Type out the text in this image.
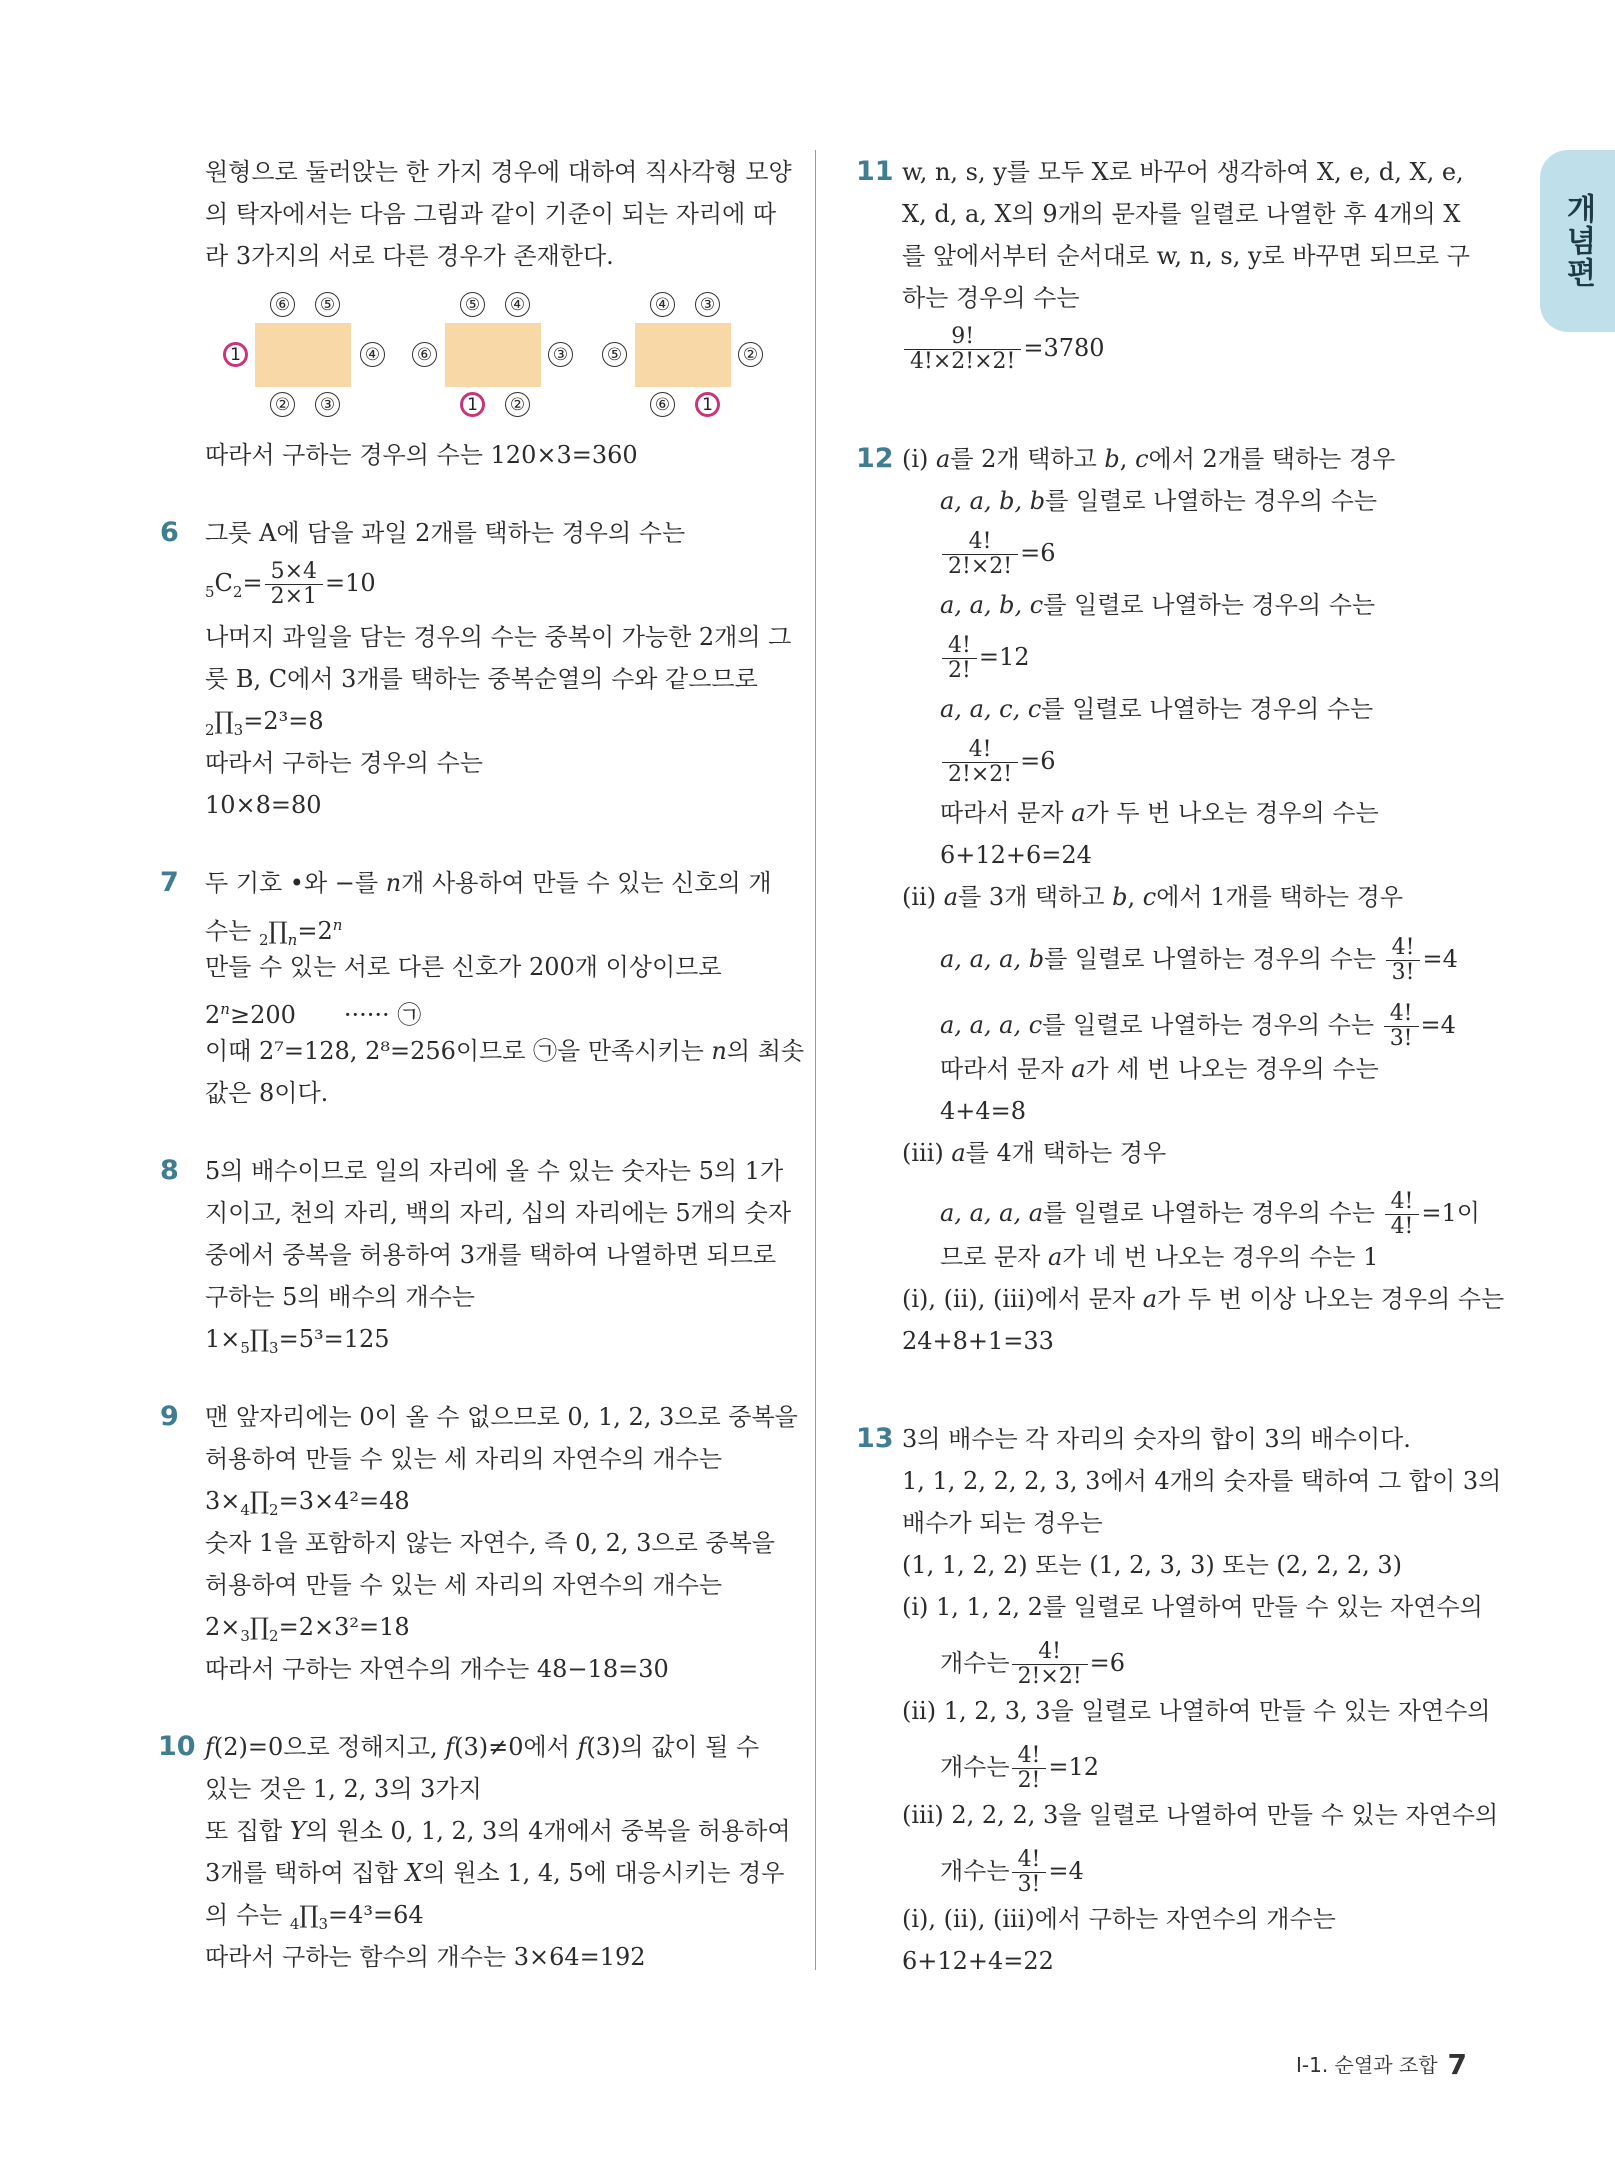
개념편
원형으로 둘러앉는 한 가지 경우에 대하여 직사각형 모양
의 탁자에서는 다음 그림과 같이 기준이 되는 자리에 따
라 3가지의 서로 다른 경우가 존재한다.
⑥ ⑤
1	④
② ③
⑤ ④
⑥	③
1	②
④ ③
⑤	②
⑥	1
따라서 구하는 경우의 수는 120×3=360
6 그릇 A에 담을 과일 2개를 택하는 경우의 수는
$_5C_2= \frac{5\times 4}{2\times 1} =10$
나머지 과일을 담는 경우의 수는 중복이 가능한 2개의 그
릇 B, C에서 3개를 택하는 중복순열의 수와 같으므로
$_2\prod_3=2^3=8$
따라서 구하는 경우의 수는
10×8=80
7 두 기호 •와 −를 n개 사용하여 만들 수 있는 신호의 개
수는 $_2\prod_n=2^n$
만들 수 있는 서로 다른 신호가 200개 이상이므로
$2^n\ge 200$　　······ ㉠
이때 2⁷=128, 2⁸=256이므로 ㉠을 만족시키는 n의 최솟
값은 8이다.
8 5의 배수이므로 일의 자리에 올 수 있는 숫자는 5의 1가
지이고, 천의 자리, 백의 자리, 십의 자리에는 5개의 숫자
중에서 중복을 허용하여 3개를 택하여 나열하면 되므로
구하는 5의 배수의 개수는
$1\times_5\prod_3=5^3=125$
9 맨 앞자리에는 0이 올 수 없으므로 0, 1, 2, 3으로 중복을
허용하여 만들 수 있는 세 자리의 자연수의 개수는
$3\times_4\prod_2=3\times 4^2=48$
숫자 1을 포함하지 않는 자연수, 즉 0, 2, 3으로 중복을
허용하여 만들 수 있는 세 자리의 자연수의 개수는
$2\times_3\prod_2=2\times 3^2=18$
따라서 구하는 자연수의 개수는 48−18=30
10 f(2)=0으로 정해지고, f(3)≠0에서 f(3)의 값이 될 수
있는 것은 1, 2, 3의 3가지
또 집합 Y의 원소 0, 1, 2, 3의 4개에서 중복을 허용하여
3개를 택하여 집합 X의 원소 1, 4, 5에 대응시키는 경우
의 수는 $_4\prod_3=4^3=64$
따라서 구하는 함수의 개수는 3×64=192
11 w, n, s, y를 모두 X로 바꾸어 생각하여 X, e, d, X, e,
X, d, a, X의 9개의 문자를 일렬로 나열한 후 4개의 X
를 앞에서부터 순서대로 w, n, s, y로 바꾸면 되므로 구
하는 경우의 수는
$\frac{9!}{4!\times 2!\times 2!} =3780$
12 (ⅰ) a를 2개 택하고 b, c에서 2개를 택하는 경우
a, a, b, b를 일렬로 나열하는 경우의 수는
$\frac{4!}{2!\times 2!} =6$
a, a, b, c를 일렬로 나열하는 경우의 수는
$\frac{4!}{2!} =12$
a, a, c, c를 일렬로 나열하는 경우의 수는
$\frac{4!}{2!\times 2!} =6$
따라서 문자 a가 두 번 나오는 경우의 수는
6+12+6=24
(ⅱ) a를 3개 택하고 b, c에서 1개를 택하는 경우
a, a, a, b를 일렬로 나열하는 경우의 수는 $\frac{4!}{3!} =4$
a, a, a, c를 일렬로 나열하는 경우의 수는 $\frac{4!}{3!} =4$
따라서 문자 a가 세 번 나오는 경우의 수는
4+4=8
(ⅲ) a를 4개 택하는 경우
a, a, a, a를 일렬로 나열하는 경우의 수는 $\frac{4!}{4!} =1$이
므로 문자 a가 네 번 나오는 경우의 수는 1
(ⅰ), (ⅱ), (ⅲ)에서 문자 a가 두 번 이상 나오는 경우의 수는
24+8+1=33
13 3의 배수는 각 자리의 숫자의 합이 3의 배수이다.
1, 1, 2, 2, 2, 3, 3에서 4개의 숫자를 택하여 그 합이 3의
배수가 되는 경우는
(1, 1, 2, 2) 또는 (1, 2, 3, 3) 또는 (2, 2, 2, 3)
(ⅰ) 1, 1, 2, 2를 일렬로 나열하여 만들 수 있는 자연수의
개수는 $\frac{4!}{2!\times 2!} =6$
(ⅱ) 1, 2, 3, 3을 일렬로 나열하여 만들 수 있는 자연수의
개수는 $\frac{4!}{2!} =12$
(ⅲ) 2, 2, 2, 3을 일렬로 나열하여 만들 수 있는 자연수의
개수는 $\frac{4!}{3!} =4$
(ⅰ), (ⅱ), (ⅲ)에서 구하는 자연수의 개수는
6+12+4=22
Ⅰ-1. 순열과 조합 7
